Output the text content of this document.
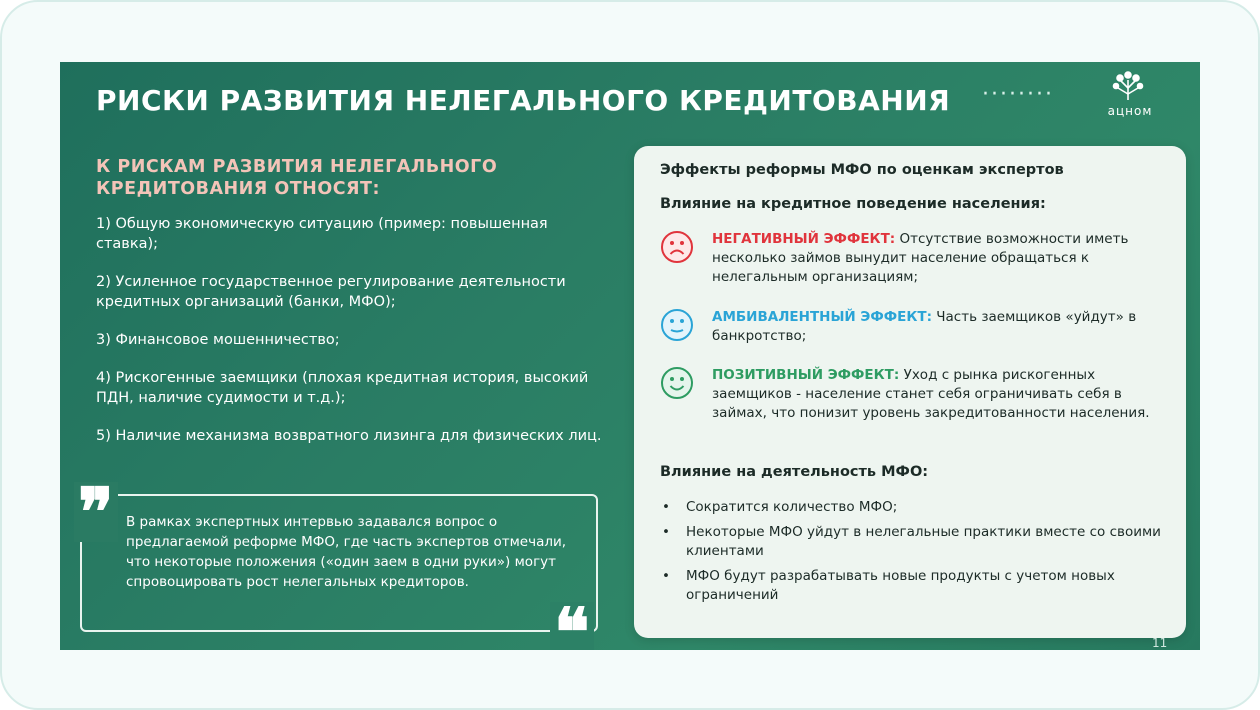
РИСКИ РАЗВИТИЯ НЕЛЕГАЛЬНОГО КРЕДИТОВАНИЯ ········
ацном
К РИСКАМ РАЗВИТИЯ НЕЛЕГАЛЬНОГО КРЕДИТОВАНИЯ ОТНОСЯТ:
1) Общую экономическую ситуацию (пример: повышенная ставка);
2) Усиленное государственное регулирование деятельности кредитных организаций (банки, МФО);
3) Финансовое мошенничество;
4) Рискогенные заемщики (плохая кредитная история, высокий ПДН, наличие судимости и т.д.);
5) Наличие механизма возвратного лизинга для физических лиц.
❞ В рамках экспертных интервью задавался вопрос о предлагаемой реформе МФО, где часть экспертов отмечали, что некоторые положения («один заем в одни руки») могут спровоцировать рост нелегальных кредиторов.
❝
Эффекты реформы МФО по оценкам экспертов
Влияние на кредитное поведение населения:
НЕГАТИВНЫЙ ЭФФЕКТ: Отсутствие возможности иметь несколько займов вынудит население обращаться к нелегальным организациям;
АМБИВАЛЕНТНЫЙ ЭФФЕКТ: Часть заемщиков «уйдут» в банкротство;
ПОЗИТИВНЫЙ ЭФФЕКТ: Уход с рынка рискогенных заемщиков - население станет себя ограничивать себя в займах, что понизит уровень закредитованности населения.
Влияние на деятельность МФО:
• Сократится количество МФО;
• Некоторые МФО уйдут в нелегальные практики вместе со своими клиентами
• МФО будут разрабатывать новые продукты с учетом новых ограничений
11
